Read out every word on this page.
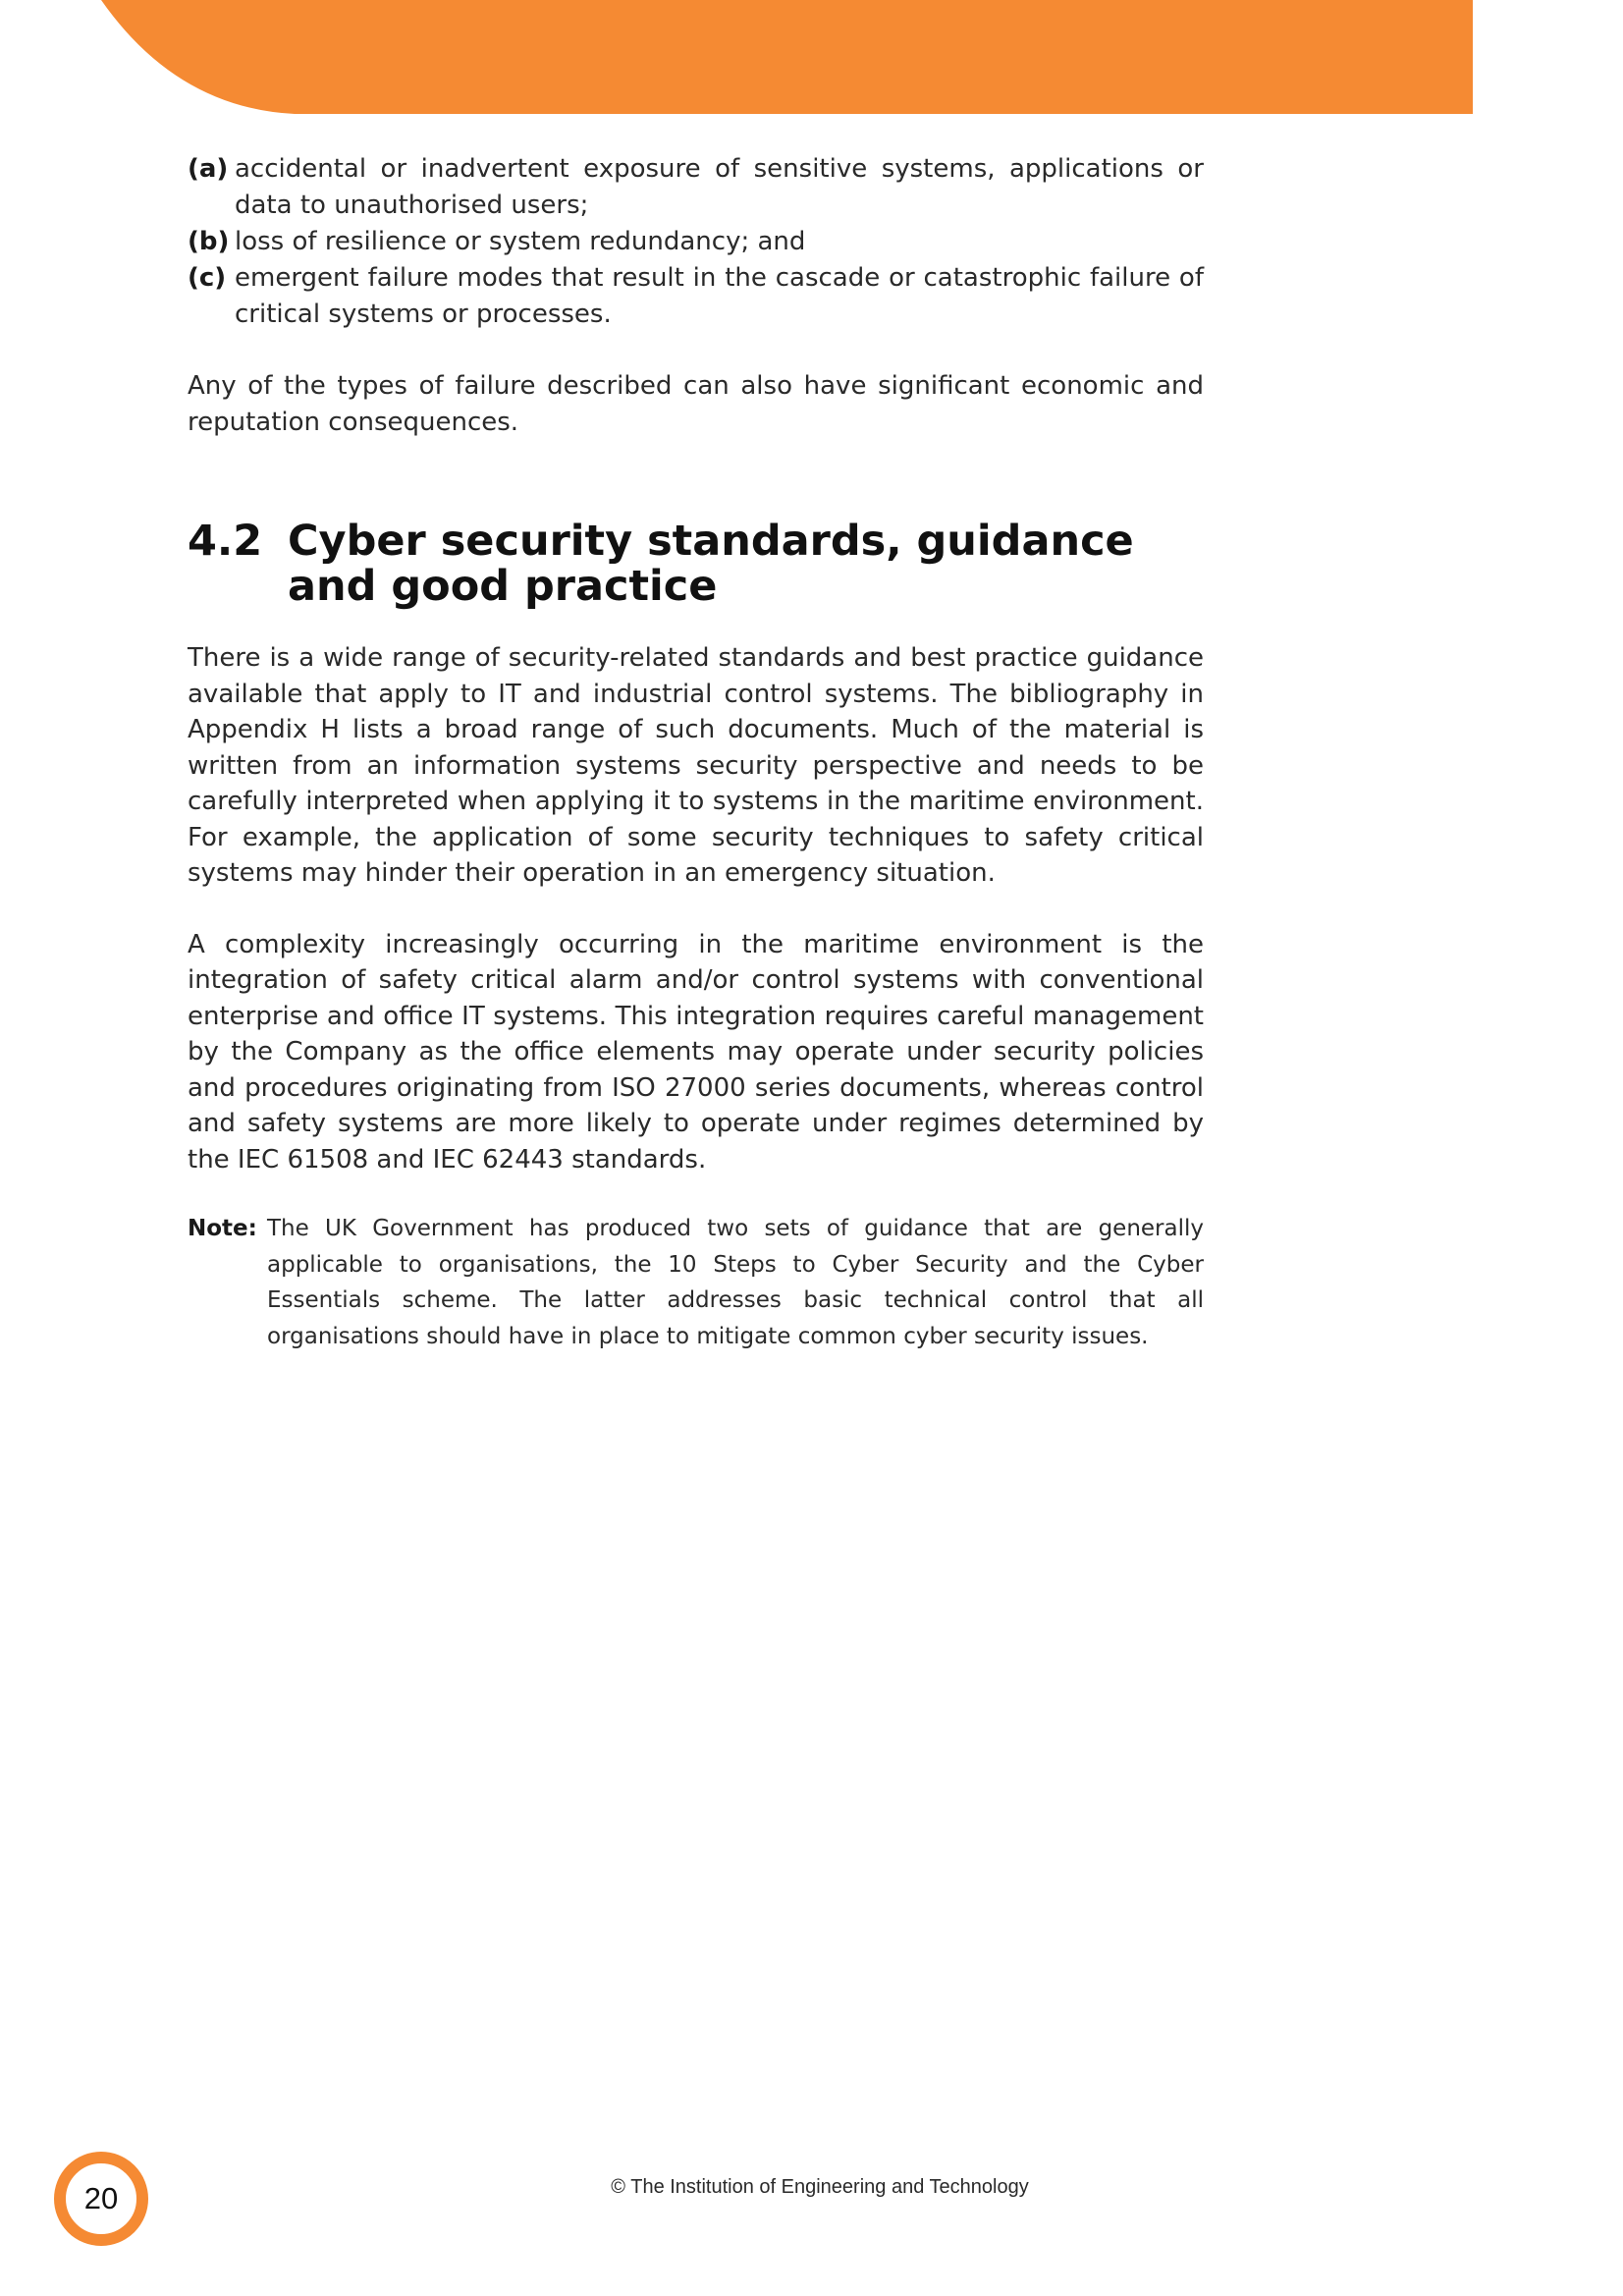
(a) accidental or inadvertent exposure of sensitive systems, applications or data to unauthorised users;
(b) loss of resilience or system redundancy; and
(c) emergent failure modes that result in the cascade or catastrophic failure of critical systems or processes.

Any of the types of failure described can also have significant economic and reputation consequences.

4.2 Cyber security standards, guidance and good practice

There is a wide range of security-related standards and best practice guidance available that apply to IT and industrial control systems. The bibliography in Appendix H lists a broad range of such documents. Much of the material is written from an information systems security perspective and needs to be carefully interpreted when applying it to systems in the maritime environment. For example, the application of some security techniques to safety critical systems may hinder their operation in an emergency situation.

A complexity increasingly occurring in the maritime environment is the integration of safety critical alarm and/or control systems with conventional enterprise and office IT systems. This integration requires careful management by the Company as the office elements may operate under security policies and procedures originating from ISO 27000 series documents, whereas control and safety systems are more likely to operate under regimes determined by the IEC 61508 and IEC 62443 standards.

Note: The UK Government has produced two sets of guidance that are generally applicable to organisations, the 10 Steps to Cyber Security and the Cyber Essentials scheme. The latter addresses basic technical control that all organisations should have in place to mitigate common cyber security issues.
20	© The Institution of Engineering and Technology
